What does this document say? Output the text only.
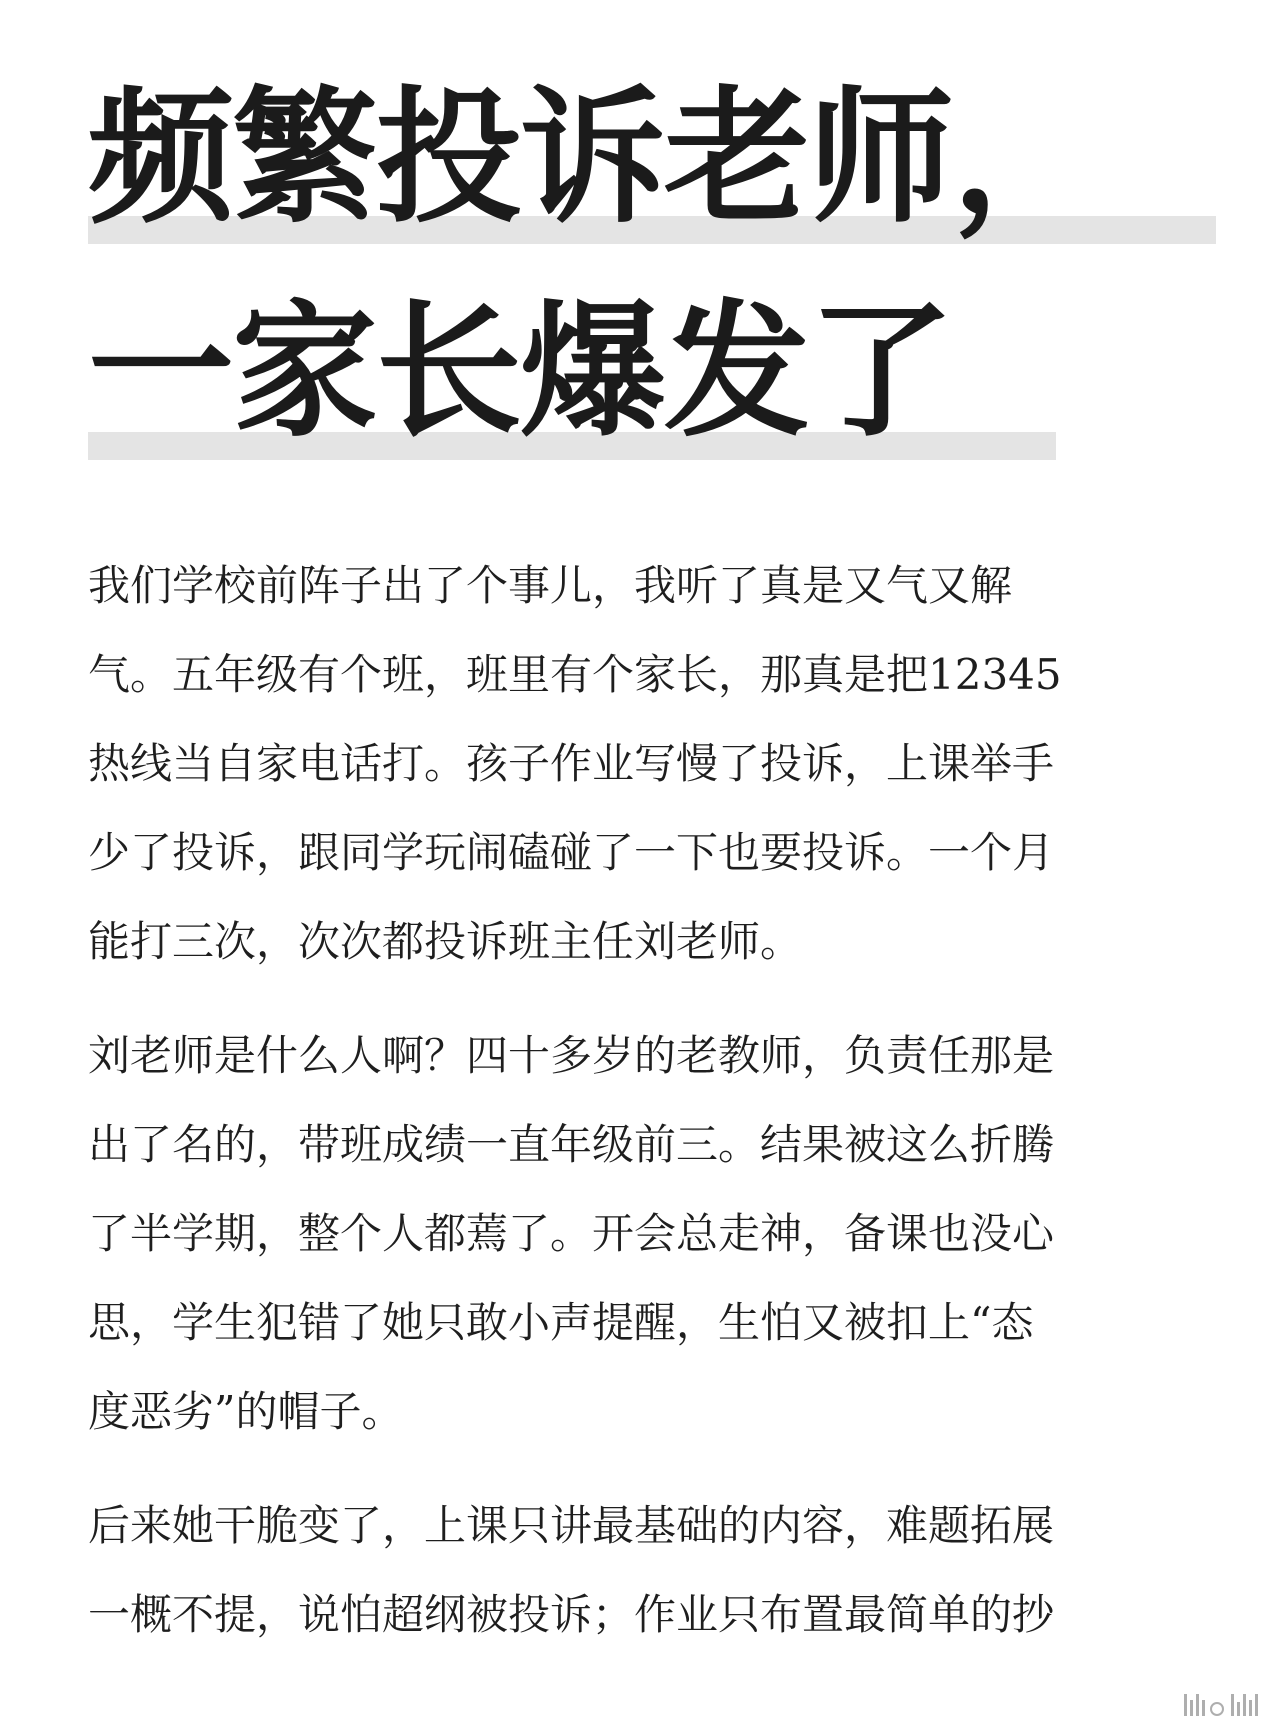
频繁投诉老师，
一家长爆发了

我们学校前阵子出了个事儿，我听了真是又气又解
气。五年级有个班，班里有个家长，那真是把12345
热线当自家电话打。孩子作业写慢了投诉，上课举手
少了投诉，跟同学玩闹磕碰了一下也要投诉。一个月
能打三次，次次都投诉班主任刘老师。

刘老师是什么人啊？四十多岁的老教师，负责任那是
出了名的，带班成绩一直年级前三。结果被这么折腾
了半学期，整个人都蔫了。开会总走神，备课也没心
思，学生犯错了她只敢小声提醒，生怕又被扣上“态
度恶劣”的帽子。

后来她干脆变了，上课只讲最基础的内容，难题拓展
一概不提，说怕超纲被投诉；作业只布置最简单的抄
